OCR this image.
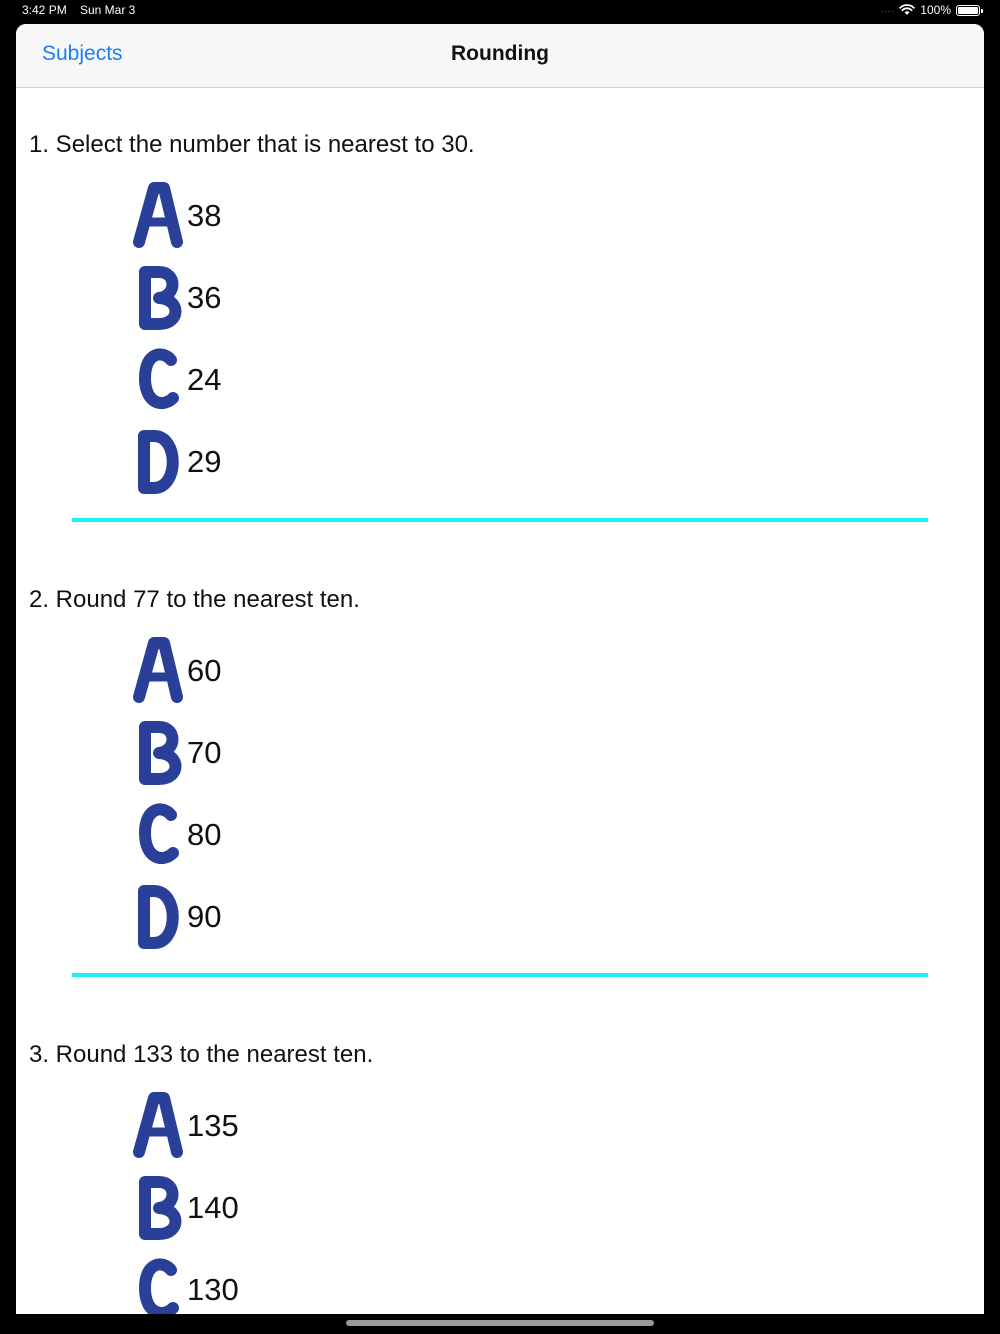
3:42 PM Sun Mar 3	.... 100%
Subjects	Rounding
1. Select the number that is nearest to 30.
38
36
24
29
2. Round 77 to the nearest ten.
60
70
80
90
3. Round 133 to the nearest ten.
135
140
130
